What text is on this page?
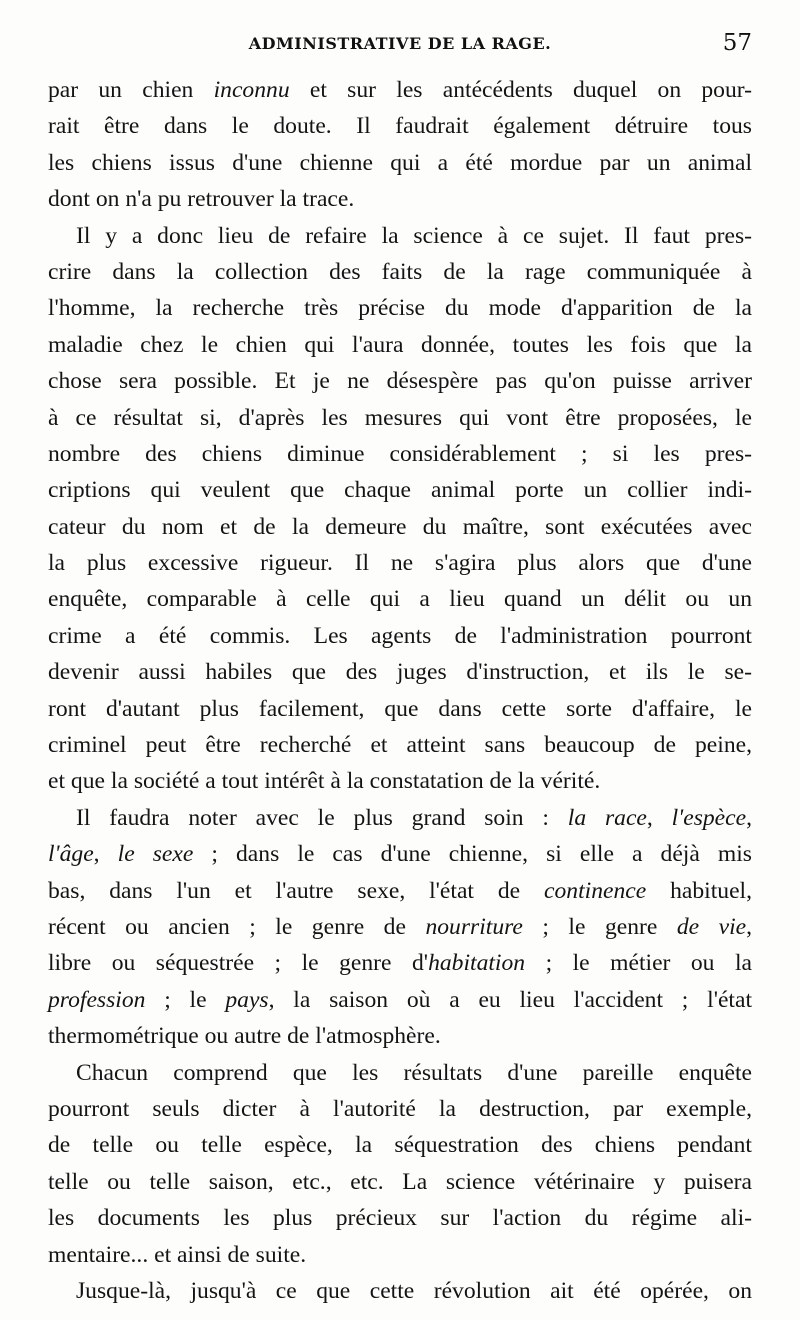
ADMINISTRATIVE DE LA RAGE.	57
par un chien inconnu et sur les antécédents duquel on pour-
rait être dans le doute. Il faudrait également détruire tous
les chiens issus d'une chienne qui a été mordue par un animal
dont on n'a pu retrouver la trace.
Il y a donc lieu de refaire la science à ce sujet. Il faut pres-
crire dans la collection des faits de la rage communiquée à
l'homme, la recherche très précise du mode d'apparition de la
maladie chez le chien qui l'aura donnée, toutes les fois que la
chose sera possible. Et je ne désespère pas qu'on puisse arriver
à ce résultat si, d'après les mesures qui vont être proposées, le
nombre des chiens diminue considérablement ; si les pres-
criptions qui veulent que chaque animal porte un collier indi-
cateur du nom et de la demeure du maître, sont exécutées avec
la plus excessive rigueur. Il ne s'agira plus alors que d'une
enquête, comparable à celle qui a lieu quand un délit ou un
crime a été commis. Les agents de l'administration pourront
devenir aussi habiles que des juges d'instruction, et ils le se-
ront d'autant plus facilement, que dans cette sorte d'affaire, le
criminel peut être recherché et atteint sans beaucoup de peine,
et que la société a tout intérêt à la constatation de la vérité.
Il faudra noter avec le plus grand soin : la race, l'espèce,
l'âge, le sexe ; dans le cas d'une chienne, si elle a déjà mis
bas, dans l'un et l'autre sexe, l'état de continence habituel,
récent ou ancien ; le genre de nourriture ; le genre de vie,
libre ou séquestrée ; le genre d'habitation ; le métier ou la
profession ; le pays, la saison où a eu lieu l'accident ; l'état
thermométrique ou autre de l'atmosphère.
Chacun comprend que les résultats d'une pareille enquête
pourront seuls dicter à l'autorité la destruction, par exemple,
de telle ou telle espèce, la séquestration des chiens pendant
telle ou telle saison, etc., etc. La science vétérinaire y puisera
les documents les plus précieux sur l'action du régime ali-
mentaire... et ainsi de suite.
Jusque-là, jusqu'à ce que cette révolution ait été opérée, on
